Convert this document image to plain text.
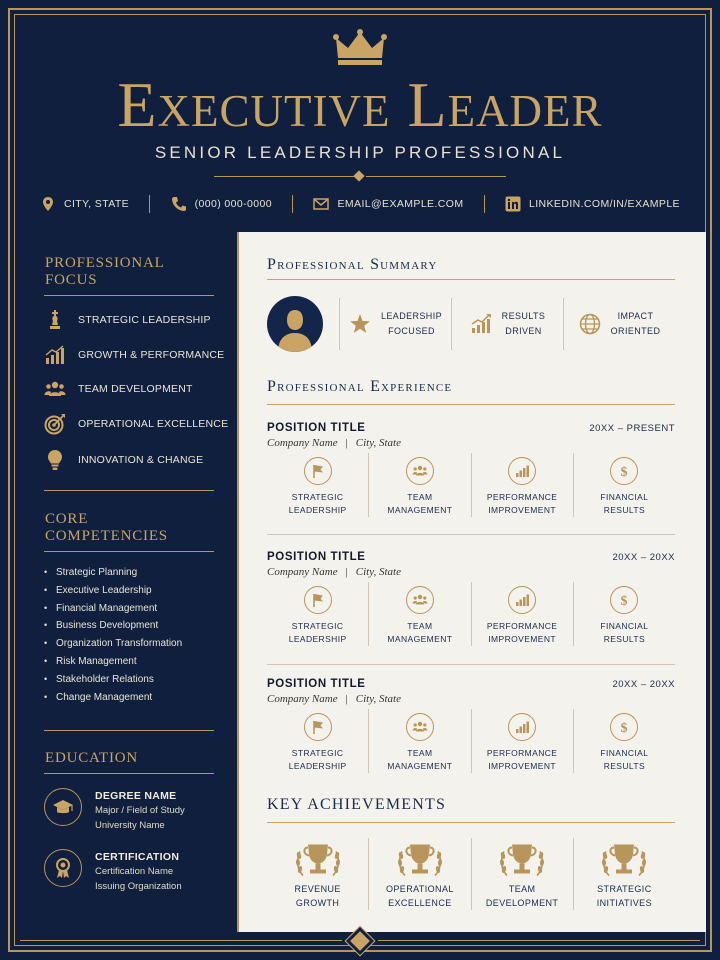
Executive Leader
SENIOR LEADERSHIP PROFESSIONAL
CITY, STATE	(000) 000-0000	EMAIL@EXAMPLE.COM	LINKEDIN.COM/IN/EXAMPLE
PROFESSIONAL
FOCUS
STRATEGIC LEADERSHIP
GROWTH & PERFORMANCE
TEAM DEVELOPMENT
OPERATIONAL EXCELLENCE
INNOVATION & CHANGE
CORE
COMPETENCIES
• Strategic Planning
• Executive Leadership
• Financial Management
• Business Development
• Organization Transformation
• Risk Management
• Stakeholder Relations
• Change Management
EDUCATION
DEGREE NAME
Major / Field of Study
University Name
CERTIFICATION
Certification Name
Issuing Organization
Professional Summary
LEADERSHIP
FOCUSED
RESULTS
DRIVEN
IMPACT
ORIENTED
Professional Experience
POSITION TITLE	20XX – PRESENT
Company Name | City, State
STRATEGIC
LEADERSHIP
TEAM
MANAGEMENT
PERFORMANCE
IMPROVEMENT
$
FINANCIAL
RESULTS
POSITION TITLE	20XX – 20XX
Company Name | City, State
STRATEGIC
LEADERSHIP
TEAM
MANAGEMENT
PERFORMANCE
IMPROVEMENT
$
FINANCIAL
RESULTS
POSITION TITLE	20XX – 20XX
Company Name | City, State
STRATEGIC
LEADERSHIP
TEAM
MANAGEMENT
PERFORMANCE
IMPROVEMENT
$
FINANCIAL
RESULTS
KEY ACHIEVEMENTS
REVENUE
GROWTH
OPERATIONAL
EXCELLENCE
TEAM
DEVELOPMENT
STRATEGIC
INITIATIVES
